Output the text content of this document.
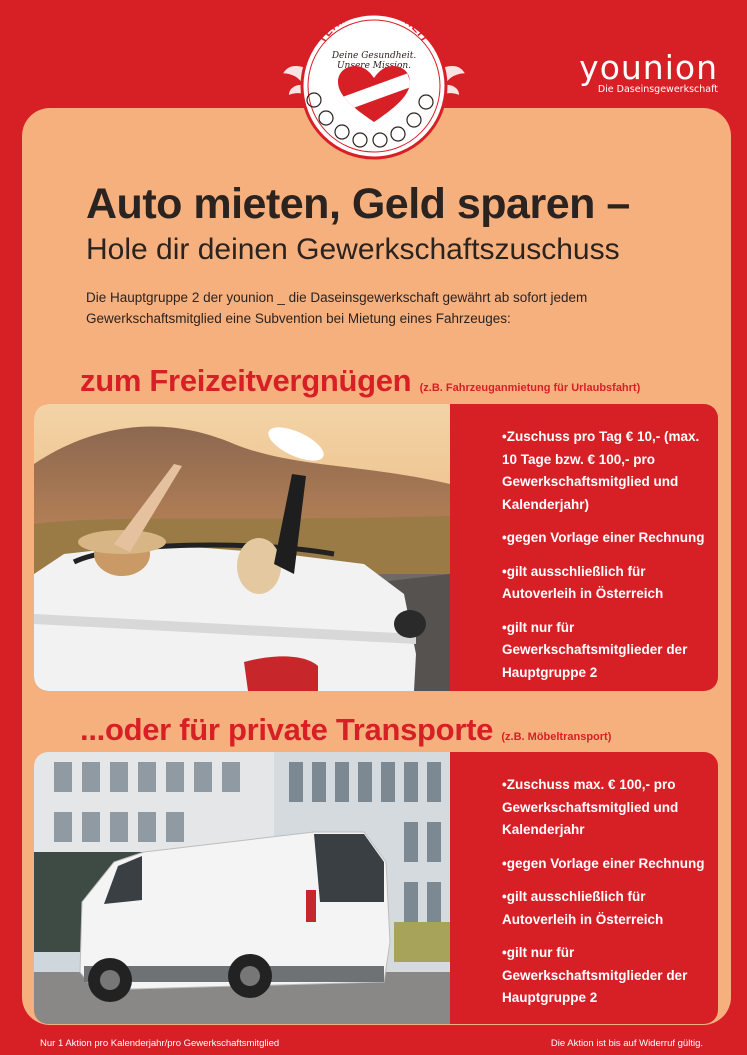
TEAM GESUNDHEIT
Deine Gesundheit.
Unsere Mission.	younion
Die Daseinsgewerkschaft
Auto mieten, Geld sparen –
Hole dir deinen Gewerkschaftszuschuss
Die Hauptgruppe 2 der younion _ die Daseinsgewerkschaft gewährt ab sofort jedem
Gewerkschaftsmitglied eine Subvention bei Mietung eines Fahrzeuges:
zum Freizeitvergnügen (z.B. Fahrzeuganmietung für Urlaubsfahrt)
•Zuschuss pro Tag € 10,- (max. 10 Tage bzw. € 100,- pro Gewerkschaftsmitglied und Kalenderjahr)
•gegen Vorlage einer Rechnung
•gilt ausschließlich für Autoverleih in Österreich
•gilt nur für Gewerkschaftsmitglieder der Hauptgruppe 2
...oder für private Transporte (z.B. Möbeltransport)
•Zuschuss max. € 100,- pro Gewerkschaftsmitglied und Kalenderjahr
•gegen Vorlage einer Rechnung
•gilt ausschließlich für Autoverleih in Österreich
•gilt nur für Gewerkschaftsmitglieder der Hauptgruppe 2
Nur 1 Aktion pro Kalenderjahr/pro Gewerkschaftsmitglied	Die Aktion ist bis auf Widerruf gültig.
